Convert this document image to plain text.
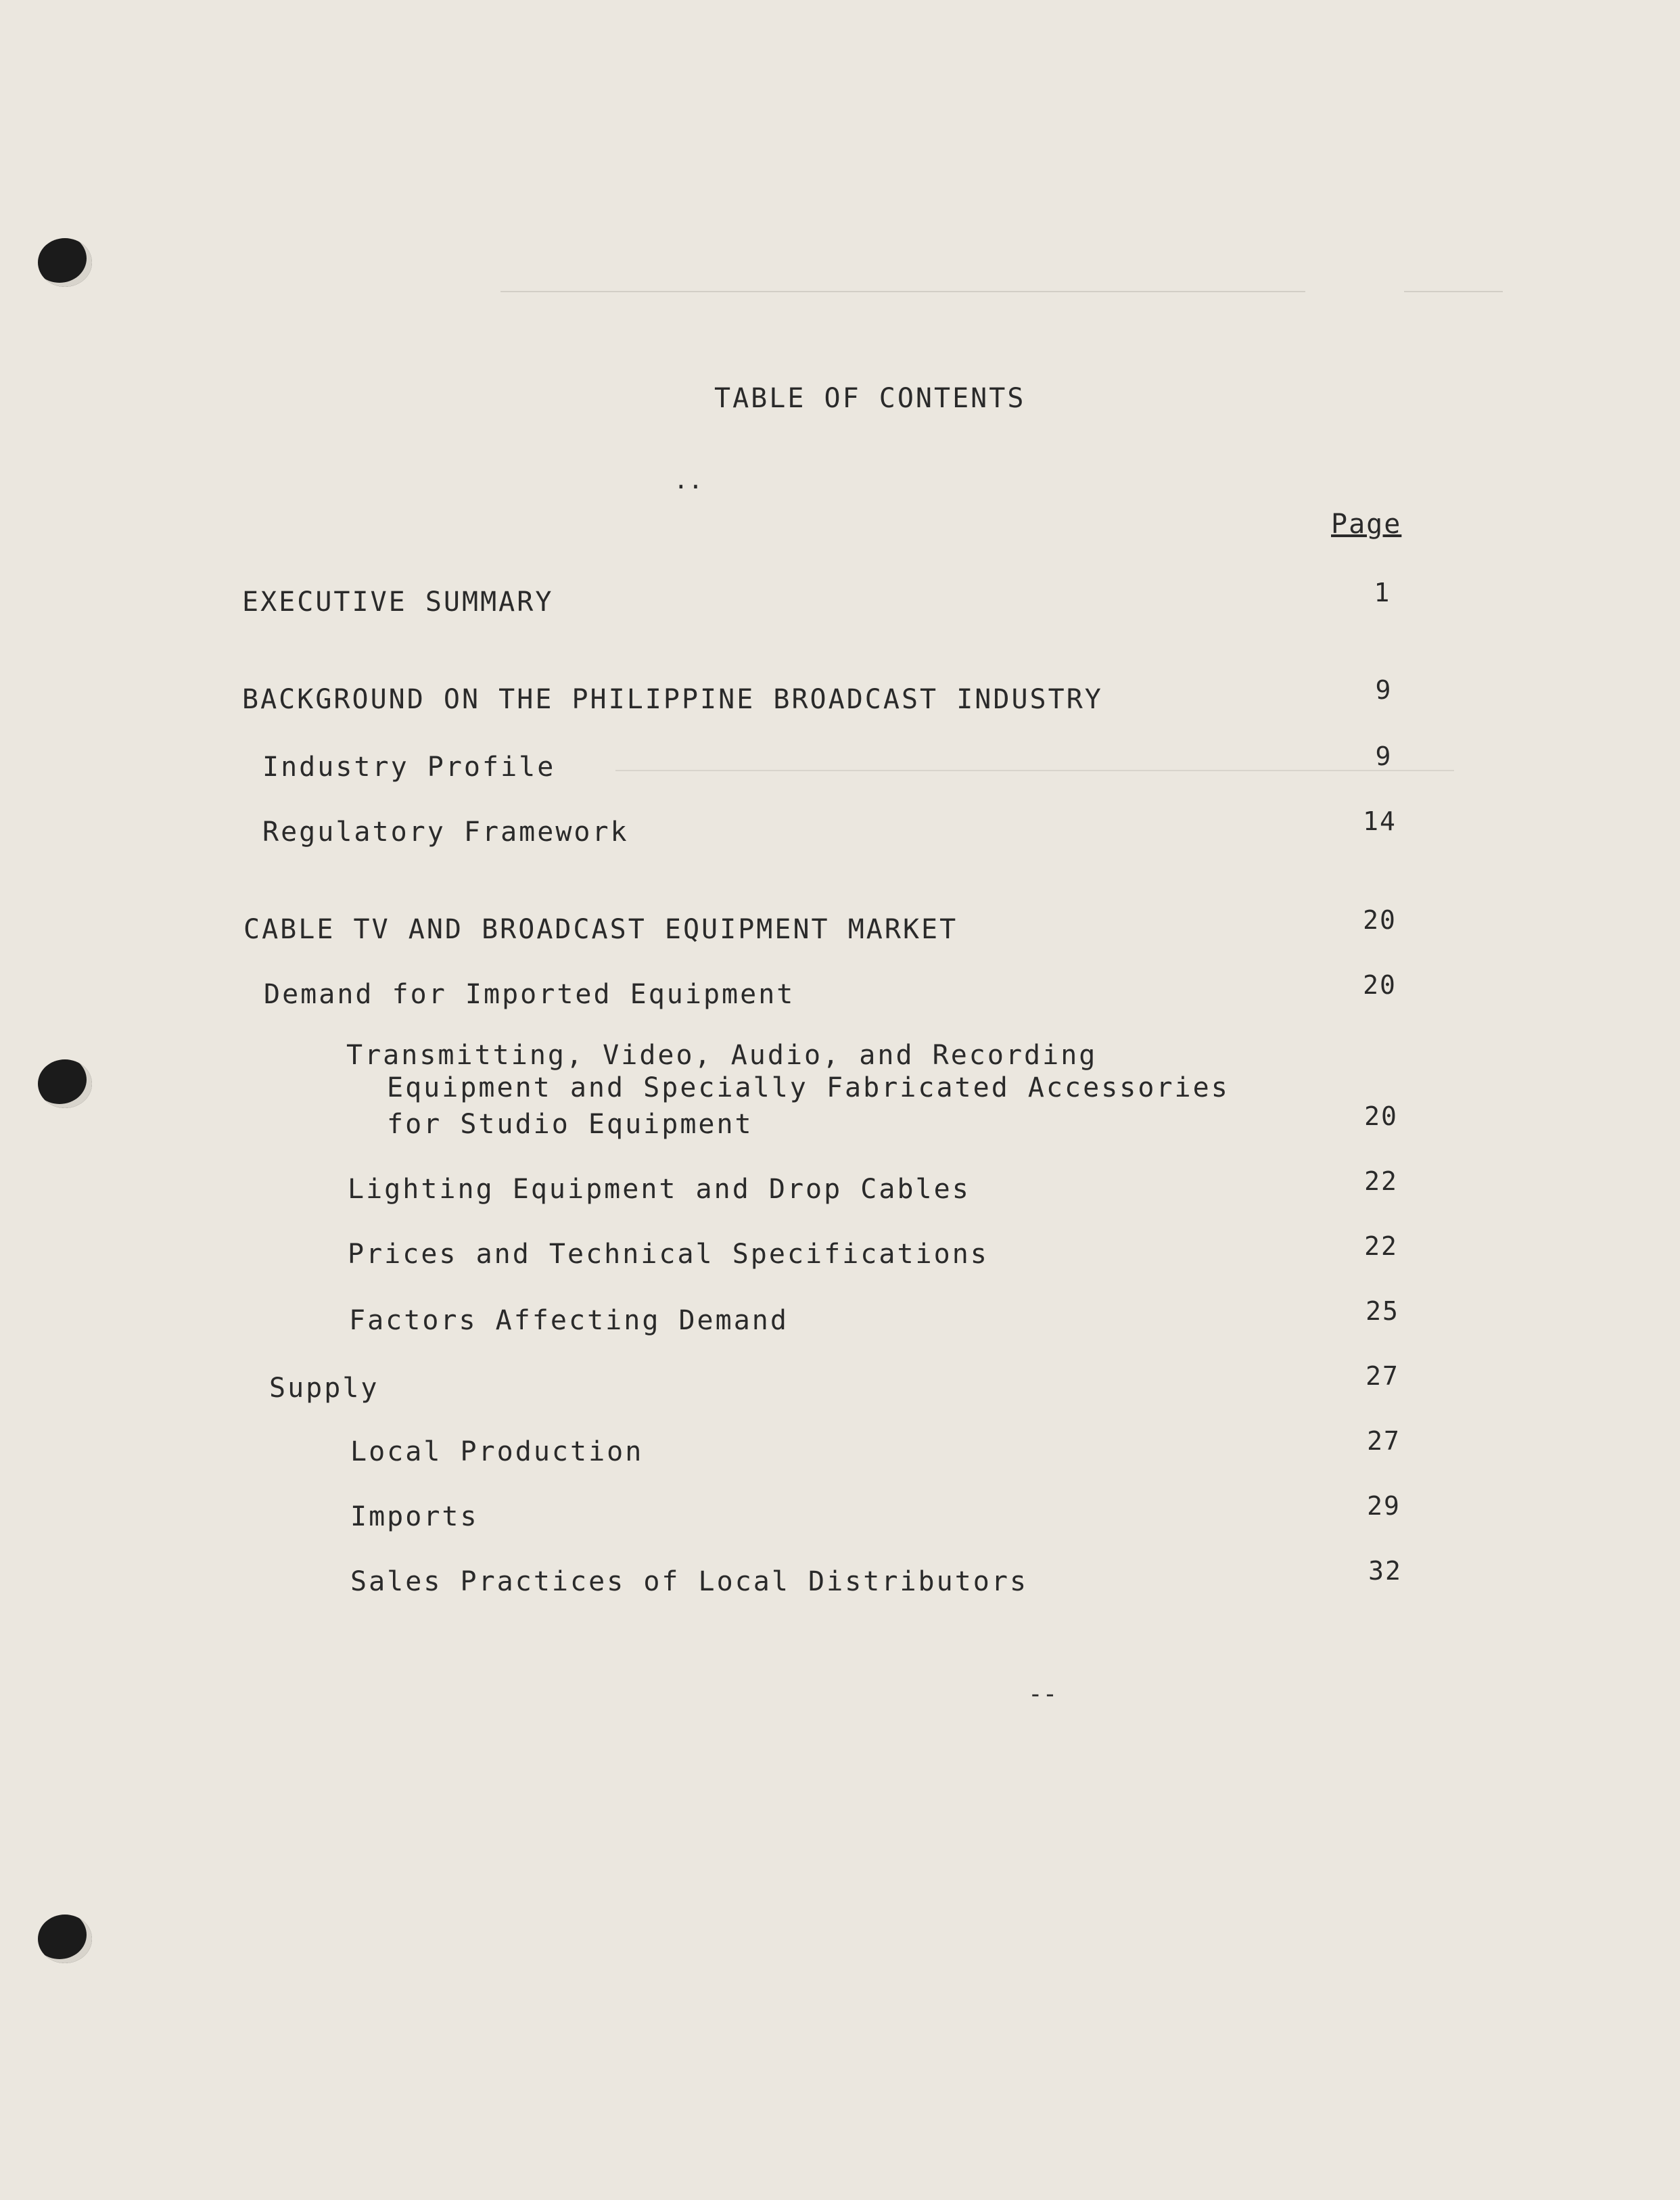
TABLE OF CONTENTS
..
Page
EXECUTIVE SUMMARY	1
BACKGROUND ON THE PHILIPPINE BROADCAST INDUSTRY	9
Industry Profile	9
Regulatory Framework	14
CABLE TV AND BROADCAST EQUIPMENT MARKET	20
Demand for Imported Equipment	20
Transmitting, Video, Audio, and Recording
Equipment and Specially Fabricated Accessories
for Studio Equipment	20
Lighting Equipment and Drop Cables	22
Prices and Technical Specifications	22
Factors Affecting Demand	25
Supply	27
Local Production	27
Imports	29
Sales Practices of Local Distributors	32
--
